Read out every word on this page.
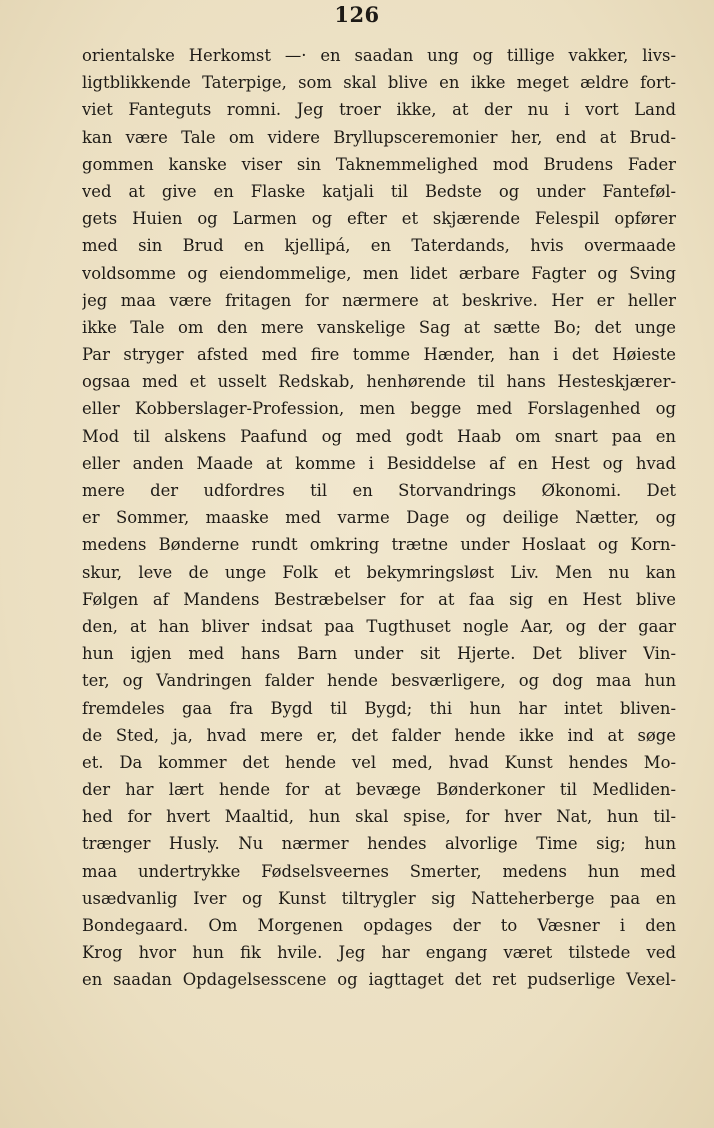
126
orientalske Herkomst —· en saadan ung og tillige vakker, livs-
ligtblikkende Taterpige, som skal blive en ikke meget ældre fort-
viet Fanteguts romni. Jeg troer ikke, at der nu i vort Land
kan være Tale om videre Bryllupsceremonier her, end at Brud-
gommen kanske viser sin Taknemmelighed mod Brudens Fader
ved at give en Flaske katjali til Bedste og under Fanteføl-
gets Huien og Larmen og efter et skjærende Felespil opfører
med sin Brud en kjellipá, en Taterdands, hvis overmaade
voldsomme og eiendommelige, men lidet ærbare Fagter og Sving
jeg maa være fritagen for nærmere at beskrive. Her er heller
ikke Tale om den mere vanskelige Sag at sætte Bo; det unge
Par stryger afsted med fire tomme Hænder, han i det Høieste
ogsaa med et usselt Redskab, henhørende til hans Hesteskjærer-
eller Kobberslager-Profession, men begge med Forslagenhed og
Mod til alskens Paafund og med godt Haab om snart paa en
eller anden Maade at komme i Besiddelse af en Hest og hvad
mere der udfordres til en Storvandrings Økonomi. Det
er Sommer, maaske med varme Dage og deilige Nætter, og
medens Bønderne rundt omkring trætne under Hoslaat og Korn-
skur, leve de unge Folk et bekymringsløst Liv. Men nu kan
Følgen af Mandens Bestræbelser for at faa sig en Hest blive
den, at han bliver indsat paa Tugthuset nogle Aar, og der gaar
hun igjen med hans Barn under sit Hjerte. Det bliver Vin-
ter, og Vandringen falder hende besværligere, og dog maa hun
fremdeles gaa fra Bygd til Bygd; thi hun har intet bliven-
de Sted, ja, hvad mere er, det falder hende ikke ind at søge
et. Da kommer det hende vel med, hvad Kunst hendes Mo-
der har lært hende for at bevæge Bønderkoner til Medliden-
hed for hvert Maaltid, hun skal spise, for hver Nat, hun til-
trænger Husly. Nu nærmer hendes alvorlige Time sig; hun
maa undertrykke Fødselsveernes Smerter, medens hun med
usædvanlig Iver og Kunst tiltrygler sig Natteherberge paa en
Bondegaard. Om Morgenen opdages der to Væsner i den
Krog hvor hun fik hvile. Jeg har engang været tilstede ved
en saadan Opdagelsesscene og iagttaget det ret pudserlige Vexel-
